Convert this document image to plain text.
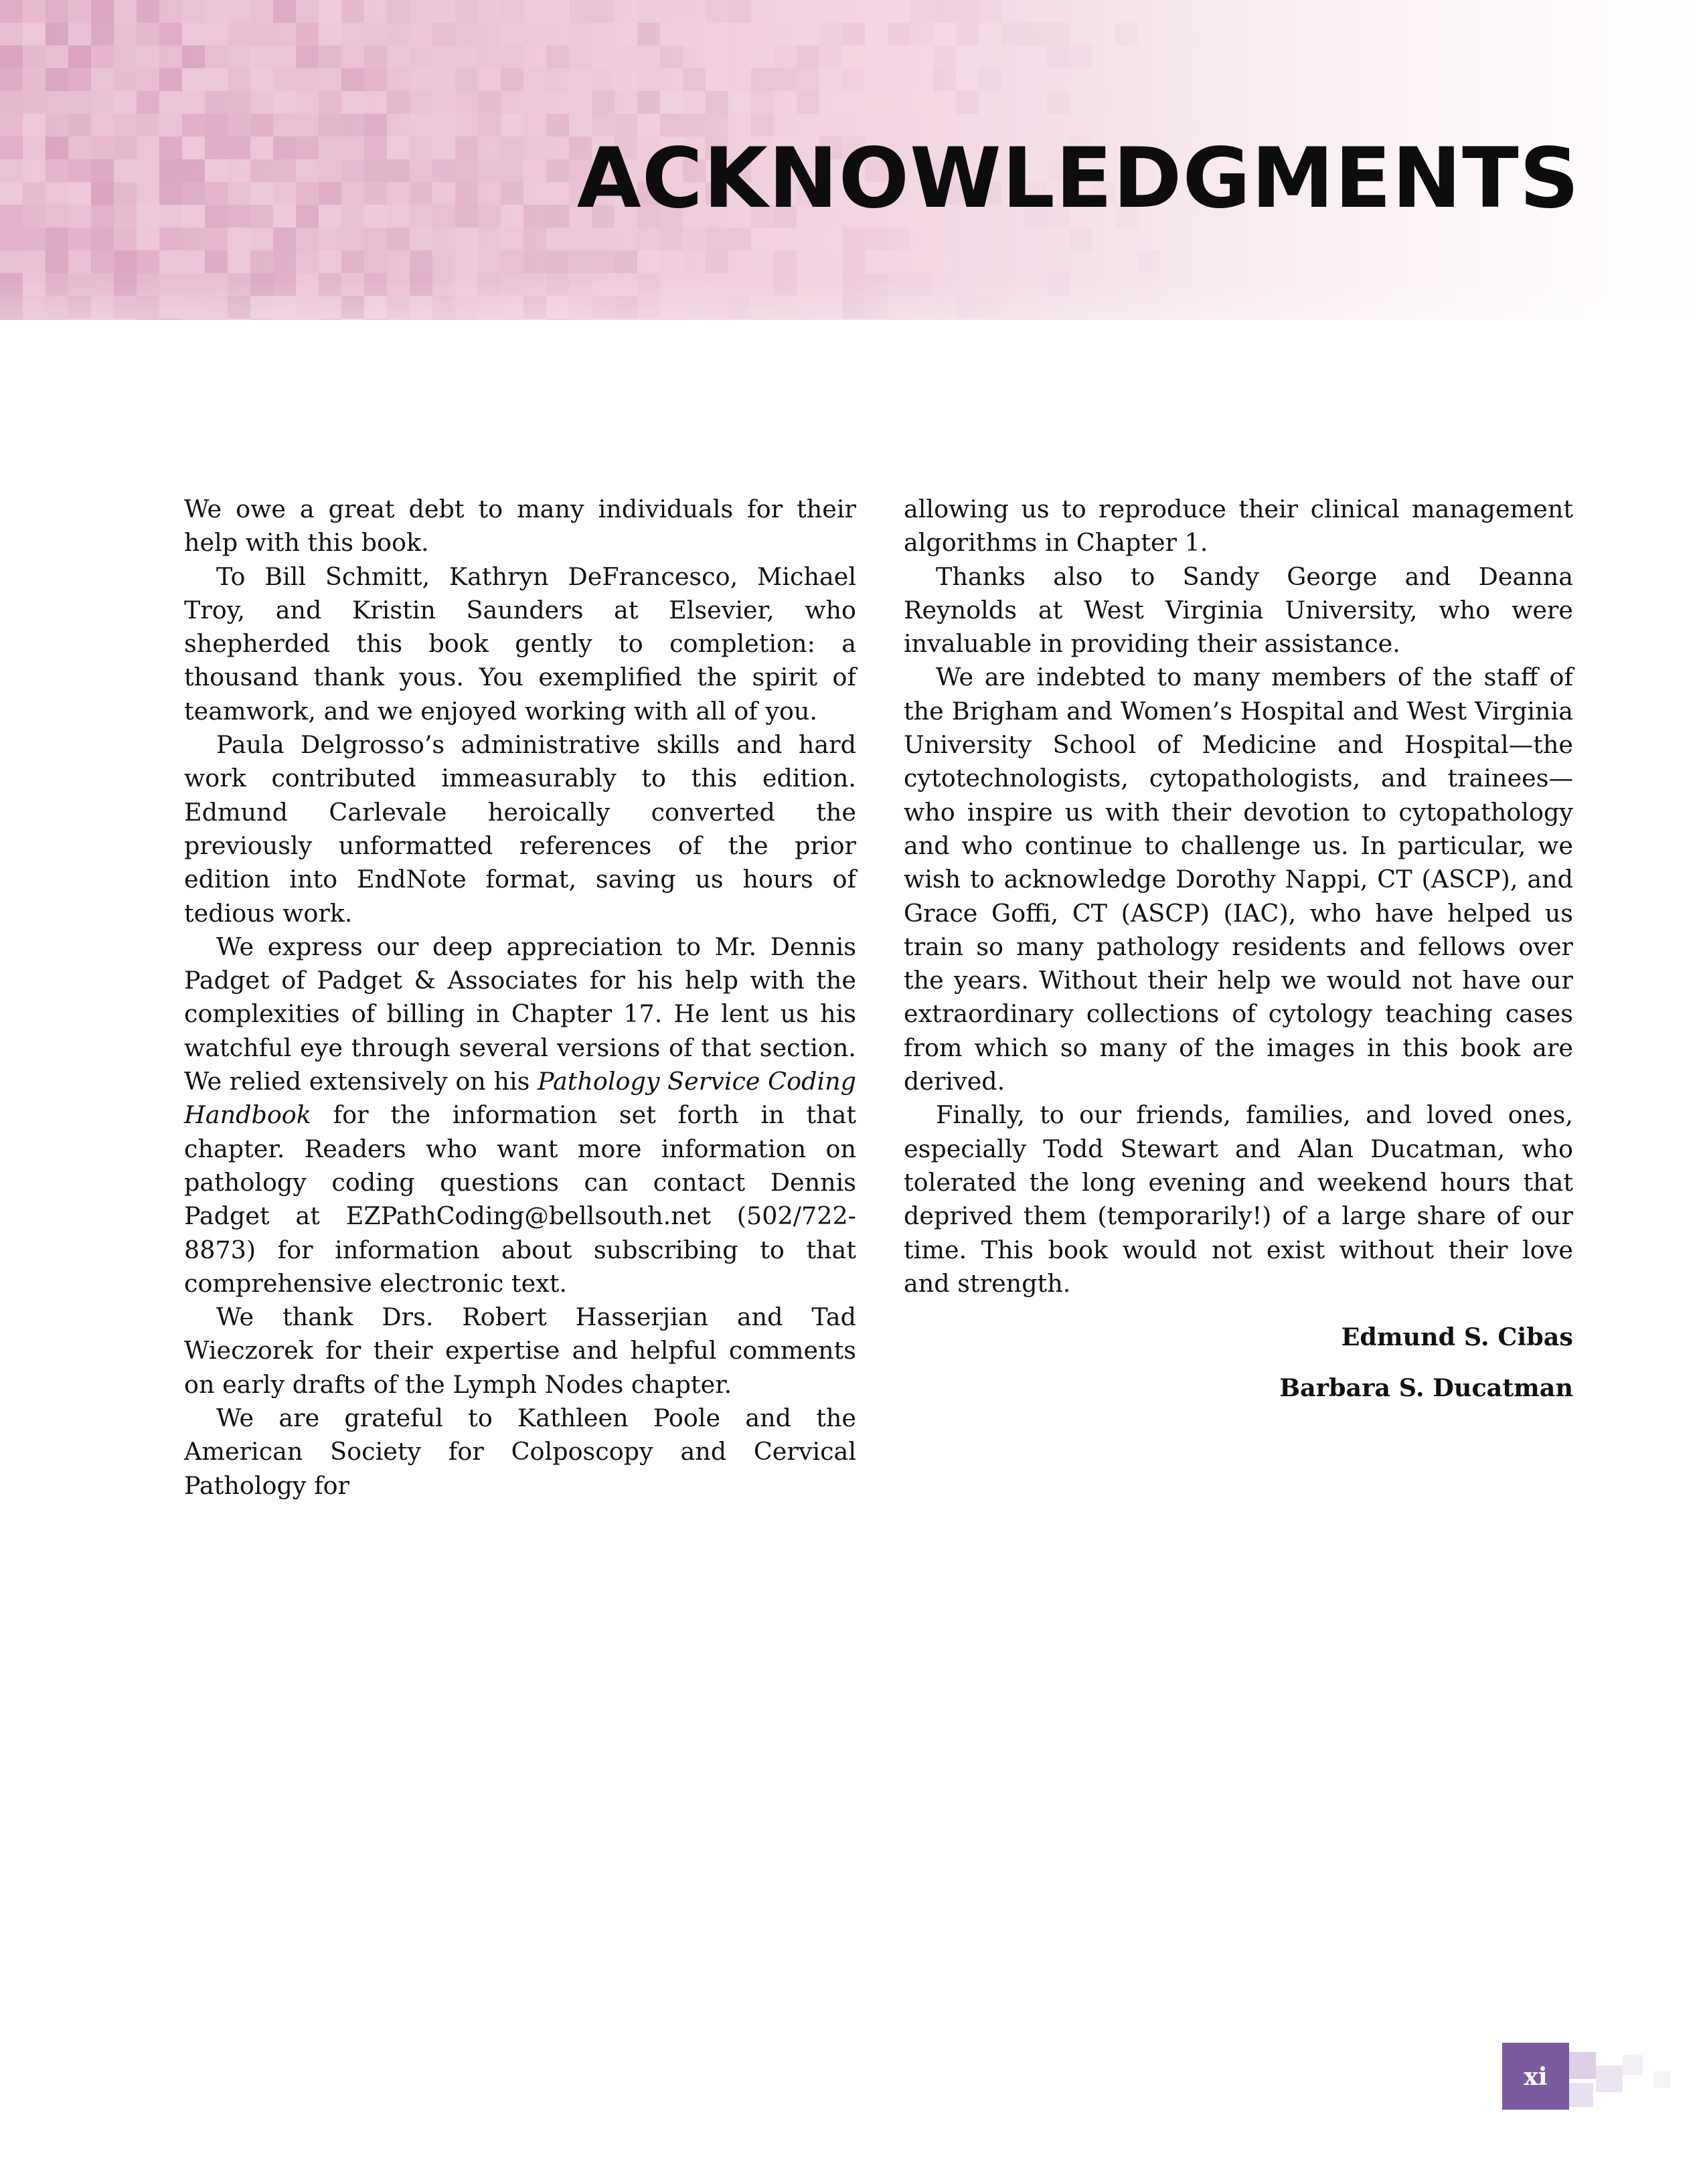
ACKNOWLEDGMENTS

We owe a great debt to many individuals for their help with this book.

To Bill Schmitt, Kathryn DeFrancesco, Michael Troy, and Kristin Saunders at Elsevier, who shepherded this book gently to completion: a thousand thank yous. You exemplified the spirit of teamwork, and we enjoyed working with all of you.

Paula Delgrosso’s administrative skills and hard work contributed immeasurably to this edition. Edmund Carlevale heroically converted the previously unformatted references of the prior edition into EndNote format, saving us hours of tedious work.

We express our deep appreciation to Mr. Dennis Padget of Padget & Associates for his help with the complexities of billing in Chapter 17. He lent us his watchful eye through several versions of that section. We relied extensively on his Pathology Service Coding Handbook for the information set forth in that chapter. Readers who want more information on pathology coding questions can contact Dennis Padget at EZPathCoding@bellsouth.​net (502/722-8873) for information about subscribing to that comprehensive electronic text.

We thank Drs. Robert Hasserjian and Tad Wieczorek for their expertise and helpful comments on early drafts of the Lymph Nodes chapter.

We are grateful to Kathleen Poole and the American Society for Colposcopy and Cervical Pathology for

allowing us to reproduce their clinical management algorithms in Chapter 1.

Thanks also to Sandy George and Deanna Reynolds at West Virginia University, who were invaluable in providing their assistance.

We are indebted to many members of the staff of the Brigham and Women’s Hospital and West Virginia University School of Medicine and Hospital—the cytotechnologists, cytopathologists, and trainees—who inspire us with their devotion to cytopathology and who continue to challenge us. In particular, we wish to acknowledge Dorothy Nappi, CT (ASCP), and Grace Goffi, CT (ASCP) (IAC), who have helped us train so many pathology residents and fellows over the years. Without their help we would not have our extraordinary collections of cytology teaching cases from which so many of the images in this book are derived.

Finally, to our friends, families, and loved ones, especially Todd Stewart and Alan Ducatman, who tolerated the long evening and weekend hours that deprived them (temporarily!) of a large share of our time. This book would not exist without their love and strength.

Edmund S. Cibas
Barbara S. Ducatman
xi
